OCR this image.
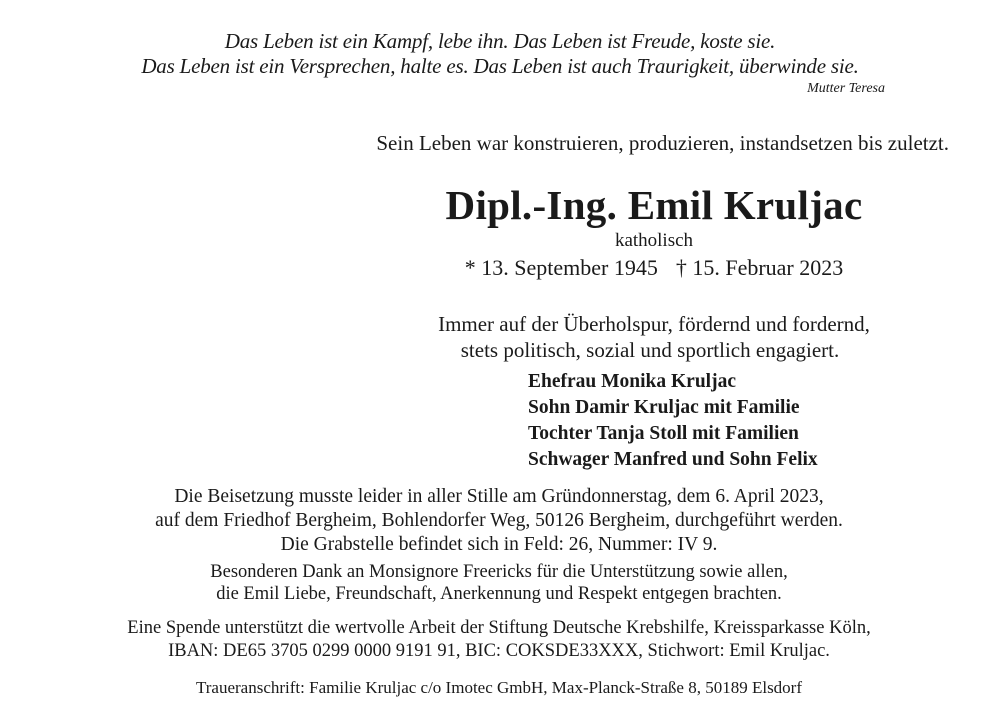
Das Leben ist ein Kampf, lebe ihn. Das Leben ist Freude, koste sie.

Das Leben ist ein Versprechen, halte es. Das Leben ist auch Traurigkeit, überwinde sie.

Mutter Teresa

Sein Leben war konstruieren, produzieren, instandsetzen bis zuletzt.

Dipl.-Ing. Emil Kruljac

katholisch

* 13. September 1945 † 15. Februar 2023

Immer auf der Überholspur, fördernd und fordernd,

stets politisch, sozial und sportlich engagiert.

Ehefrau Monika Kruljac

Sohn Damir Kruljac mit Familie

Tochter Tanja Stoll mit Familien

Schwager Manfred und Sohn Felix

Die Beisetzung musste leider in aller Stille am Gründonnerstag, dem 6. April 2023,

auf dem Friedhof Bergheim, Bohlendorfer Weg, 50126 Bergheim, durchgeführt werden.

Die Grabstelle befindet sich in Feld: 26, Nummer: IV 9.

Besonderen Dank an Monsignore Freericks für die Unterstützung sowie allen,

die Emil Liebe, Freundschaft, Anerkennung und Respekt entgegen brachten.

Eine Spende unterstützt die wertvolle Arbeit der Stiftung Deutsche Krebshilfe, Kreissparkasse Köln,

IBAN: DE65 3705 0299 0000 9191 91, BIC: COKSDE33XXX, Stichwort: Emil Kruljac.

Traueranschrift: Familie Kruljac c/o Imotec GmbH, Max-Planck-Straße 8, 50189 Elsdorf
